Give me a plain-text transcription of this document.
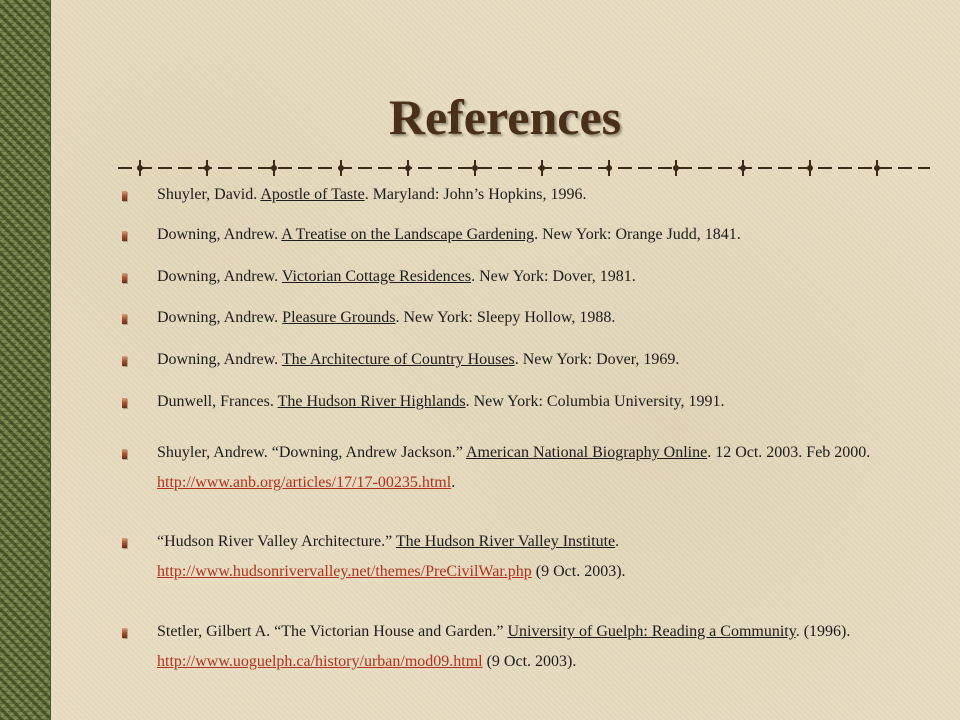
References
Shuyler, David. Apostle of Taste. Maryland: John’s Hopkins, 1996.
Downing, Andrew. A Treatise on the Landscape Gardening. New York: Orange Judd, 1841.
Downing, Andrew. Victorian Cottage Residences. New York: Dover, 1981.
Downing, Andrew. Pleasure Grounds. New York: Sleepy Hollow, 1988.
Downing, Andrew. The Architecture of Country Houses. New York: Dover, 1969.
Dunwell, Frances. The Hudson River Highlands. New York: Columbia University, 1991.
Shuyler, Andrew. “Downing, Andrew Jackson.” American National Biography Online. 12 Oct. 2003. Feb 2000. http://www.anb.org/articles/17/17-00235.html.
“Hudson River Valley Architecture.” The Hudson River Valley Institute. http://www.hudsonrivervalley.net/themes/PreCivilWar.php (9 Oct. 2003).
Stetler, Gilbert A. “The Victorian House and Garden.” University of Guelph: Reading a Community. (1996). http://www.uoguelph.ca/history/urban/mod09.html (9 Oct. 2003).
